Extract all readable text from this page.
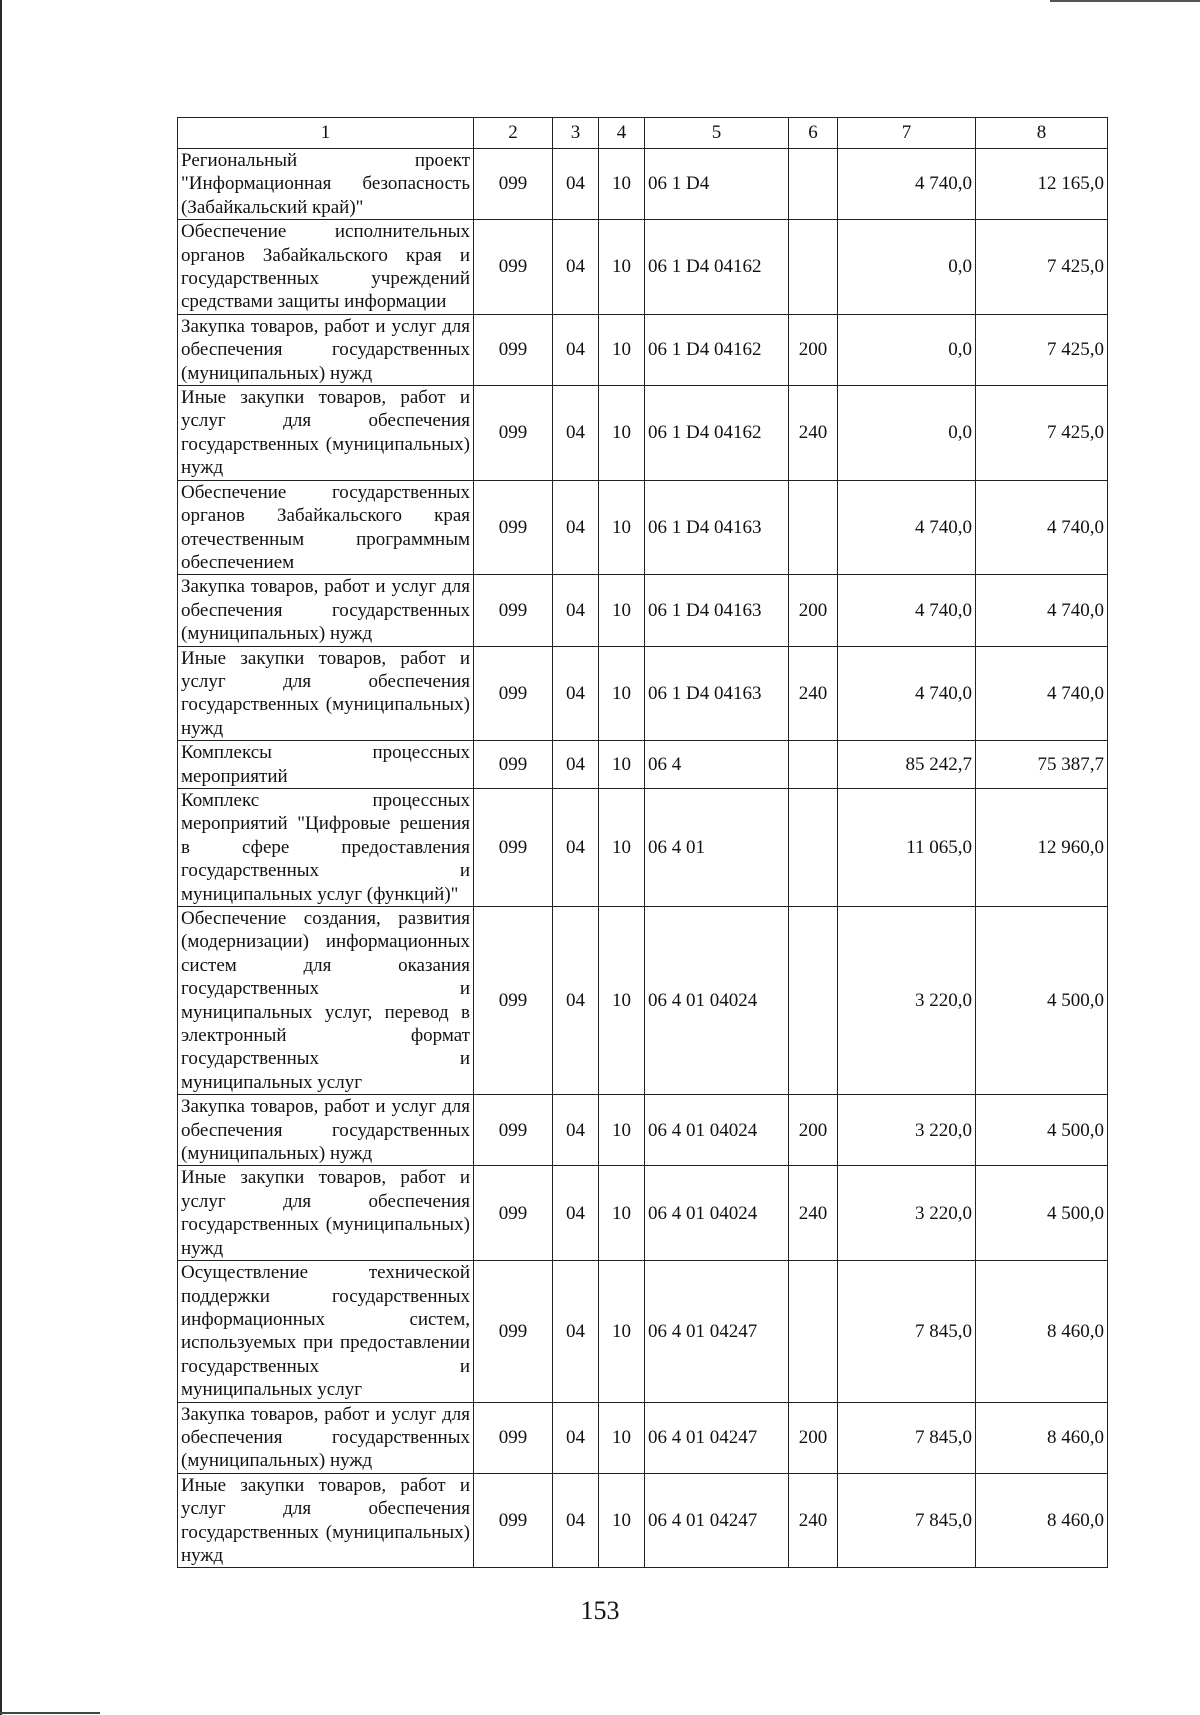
1	2	3	4	5	6	7	8
Региональный проект "Информационная безопасность (Забайкальский край)"	099	04	10	06 1 D4		4 740,0	12 165,0
Обеспечение исполнительных органов Забайкальского края и государственных учреждений средствами защиты информации	099	04	10	06 1 D4 04162		0,0	7 425,0
Закупка товаров, работ и услуг для обеспечения государственных (муниципальных) нужд	099	04	10	06 1 D4 04162	200	0,0	7 425,0
Иные закупки товаров, работ и услуг для обеспечения государственных (муниципальных) нужд	099	04	10	06 1 D4 04162	240	0,0	7 425,0
Обеспечение государственных органов Забайкальского края отечественным программным обеспечением	099	04	10	06 1 D4 04163		4 740,0	4 740,0
Закупка товаров, работ и услуг для обеспечения государственных (муниципальных) нужд	099	04	10	06 1 D4 04163	200	4 740,0	4 740,0
Иные закупки товаров, работ и услуг для обеспечения государственных (муниципальных) нужд	099	04	10	06 1 D4 04163	240	4 740,0	4 740,0
Комплексы процессных мероприятий	099	04	10	06 4		85 242,7	75 387,7
Комплекс процессных мероприятий "Цифровые решения в сфере предоставления государственных и муниципальных услуг (функций)"	099	04	10	06 4 01		11 065,0	12 960,0
Обеспечение создания, развития (модернизации) информационных систем для оказания государственных и муниципальных услуг, перевод в электронный формат государственных и муниципальных услуг	099	04	10	06 4 01 04024		3 220,0	4 500,0
Закупка товаров, работ и услуг для обеспечения государственных (муниципальных) нужд	099	04	10	06 4 01 04024	200	3 220,0	4 500,0
Иные закупки товаров, работ и услуг для обеспечения государственных (муниципальных) нужд	099	04	10	06 4 01 04024	240	3 220,0	4 500,0
Осуществление технической поддержки государственных информационных систем, используемых при предоставлении государственных и муниципальных услуг	099	04	10	06 4 01 04247		7 845,0	8 460,0
Закупка товаров, работ и услуг для обеспечения государственных (муниципальных) нужд	099	04	10	06 4 01 04247	200	7 845,0	8 460,0
Иные закупки товаров, работ и услуг для обеспечения государственных (муниципальных) нужд	099	04	10	06 4 01 04247	240	7 845,0	8 460,0
153
